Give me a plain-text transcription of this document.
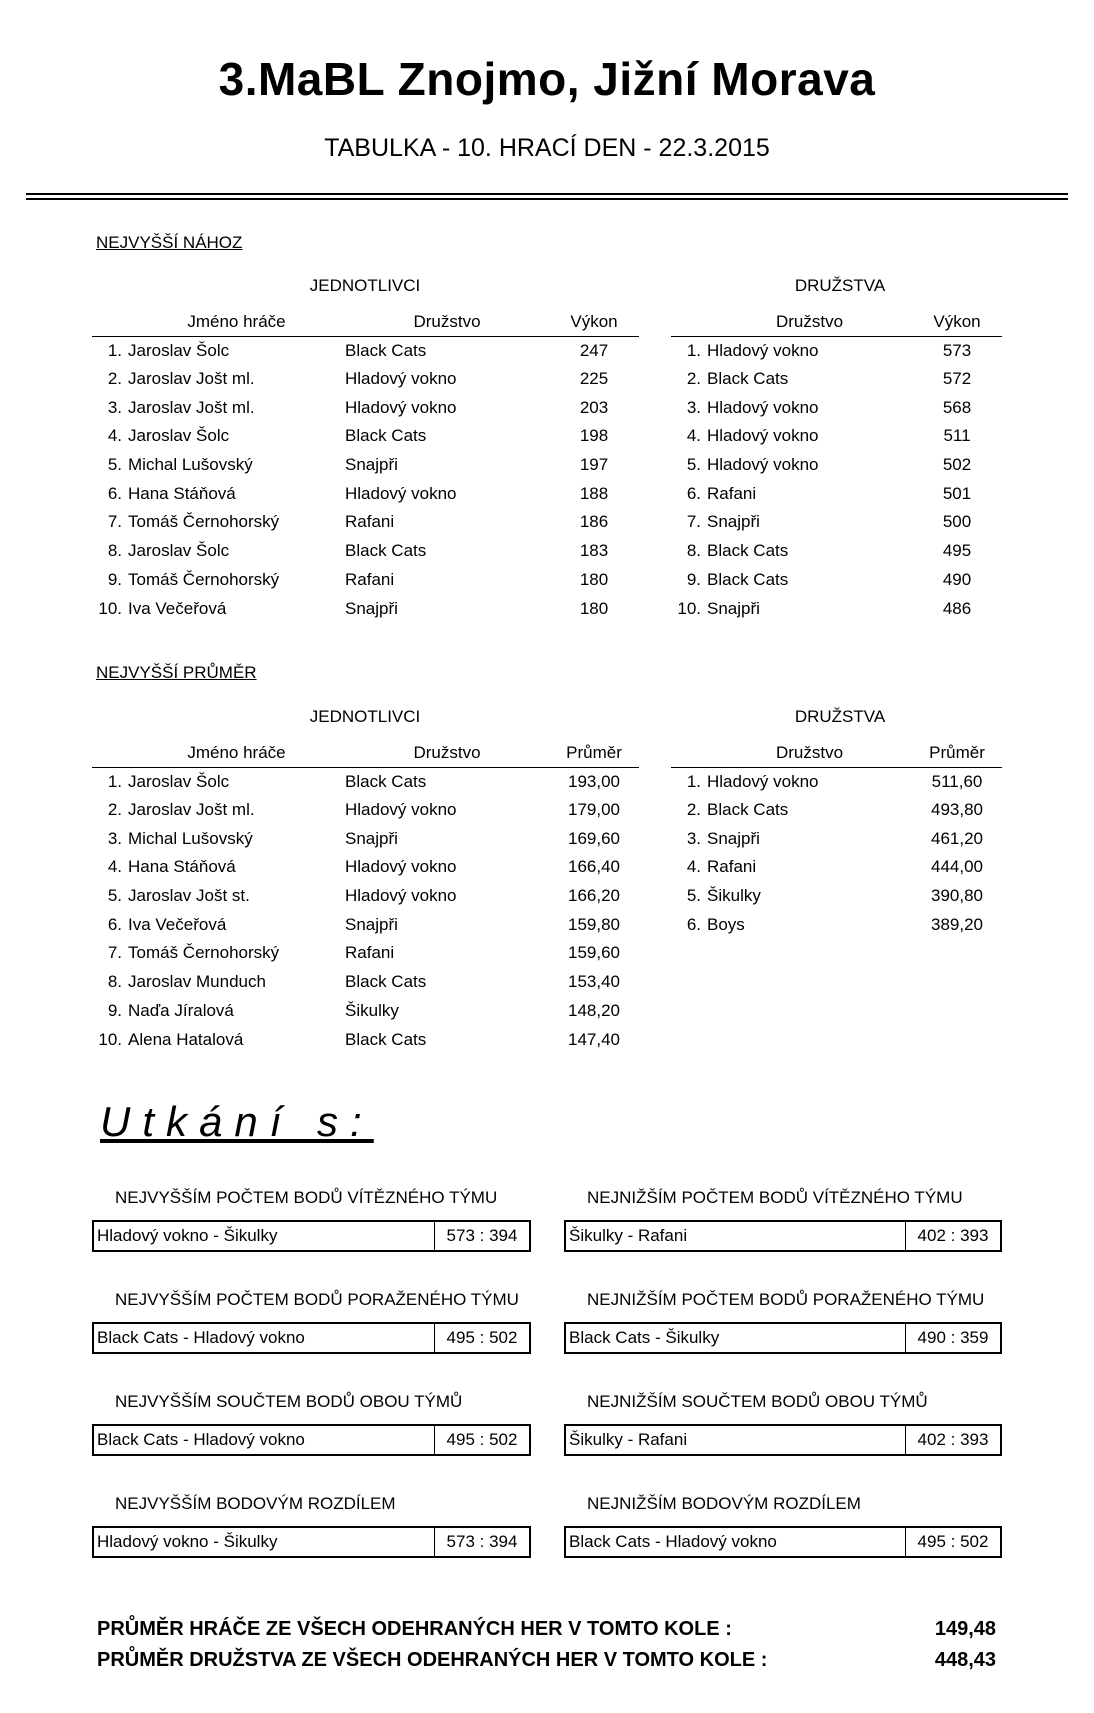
3.MaBL Znojmo, Jižní Morava
TABULKA - 10. HRACÍ DEN - 22.3.2015
NEJVYŠŠÍ NÁHOZ
JEDNOTLIVCI	DRUŽSTVA
	Jméno hráče	Družstvo	Výkon
1.	Jaroslav Šolc	Black Cats	247
2.	Jaroslav Jošt ml.	Hladový vokno	225
3.	Jaroslav Jošt ml.	Hladový vokno	203
4.	Jaroslav Šolc	Black Cats	198
5.	Michal Lušovský	Snajpři	197
6.	Hana Stáňová	Hladový vokno	188
7.	Tomáš Černohorský	Rafani	186
8.	Jaroslav Šolc	Black Cats	183
9.	Tomáš Černohorský	Rafani	180
10.	Iva Večeřová	Snajpři	180
	Družstvo	Výkon
1.	Hladový vokno	573
2.	Black Cats	572
3.	Hladový vokno	568
4.	Hladový vokno	511
5.	Hladový vokno	502
6.	Rafani	501
7.	Snajpři	500
8.	Black Cats	495
9.	Black Cats	490
10.	Snajpři	486
NEJVYŠŠÍ PRŮMĚR
JEDNOTLIVCI	DRUŽSTVA
	Jméno hráče	Družstvo	Průměr
1.	Jaroslav Šolc	Black Cats	193,00
2.	Jaroslav Jošt ml.	Hladový vokno	179,00
3.	Michal Lušovský	Snajpři	169,60
4.	Hana Stáňová	Hladový vokno	166,40
5.	Jaroslav Jošt st.	Hladový vokno	166,20
6.	Iva Večeřová	Snajpři	159,80
7.	Tomáš Černohorský	Rafani	159,60
8.	Jaroslav Munduch	Black Cats	153,40
9.	Naďa Jíralová	Šikulky	148,20
10.	Alena Hatalová	Black Cats	147,40
	Družstvo	Průměr
1.	Hladový vokno	511,60
2.	Black Cats	493,80
3.	Snajpři	461,20
4.	Rafani	444,00
5.	Šikulky	390,80
6.	Boys	389,20
Utkání s:
NEJVYŠŠÍM POČTEM BODŮ VÍTĚZNÉHO TÝMU
Hladový vokno - Šikulky	573 : 394
NEJNIŽŠÍM POČTEM BODŮ VÍTĚZNÉHO TÝMU
Šikulky - Rafani	402 : 393
NEJVYŠŠÍM POČTEM BODŮ PORAŽENÉHO TÝMU
Black Cats - Hladový vokno	495 : 502
NEJNIŽŠÍM POČTEM BODŮ PORAŽENÉHO TÝMU
Black Cats - Šikulky	490 : 359
NEJVYŠŠÍM SOUČTEM BODŮ OBOU TÝMŮ
Black Cats - Hladový vokno	495 : 502
NEJNIŽŠÍM SOUČTEM BODŮ OBOU TÝMŮ
Šikulky - Rafani	402 : 393
NEJVYŠŠÍM BODOVÝM ROZDÍLEM
Hladový vokno - Šikulky	573 : 394
NEJNIŽŠÍM BODOVÝM ROZDÍLEM
Black Cats - Hladový vokno	495 : 502
PRŮMĚR HRÁČE ZE VŠECH ODEHRANÝCH HER V TOMTO KOLE :	149,48
PRŮMĚR DRUŽSTVA ZE VŠECH ODEHRANÝCH HER V TOMTO KOLE :	448,43
